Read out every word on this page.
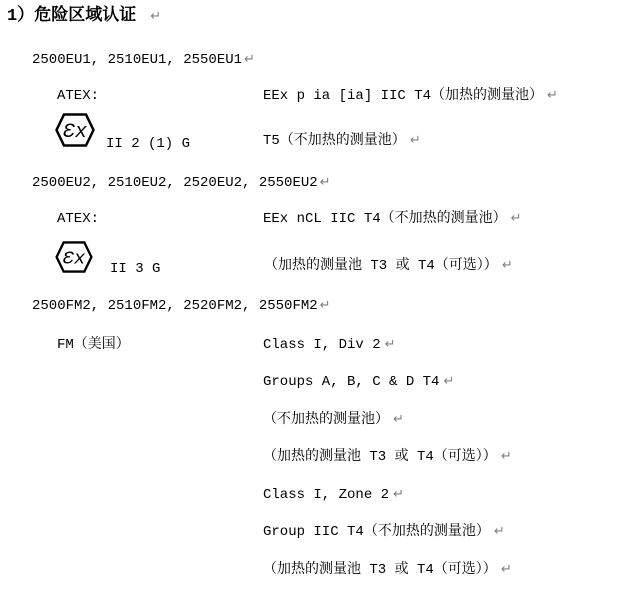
1）危险区域认证 ↵
2500EU1, 2510EU1, 2550EU1 ↵
ATEX:	EEx p ia [ia] IIC T4（加热的测量池） ↵
Ɛx II 2 (1) G	T5（不加热的测量池） ↵
2500EU2, 2510EU2, 2520EU2, 2550EU2 ↵
ATEX:	EEx nCL IIC T4（不加热的测量池） ↵
Ɛx II 3 G	（加热的测量池 T3 或 T4（可选）） ↵
2500FM2, 2510FM2, 2520FM2, 2550FM2 ↵
FM（美国）	Class I, Div 2 ↵
Groups A, B, C & D T4 ↵
（不加热的测量池） ↵
（加热的测量池 T3 或 T4（可选）） ↵
Class I, Zone 2 ↵
Group IIC T4（不加热的测量池） ↵
（加热的测量池 T3 或 T4（可选）） ↵
